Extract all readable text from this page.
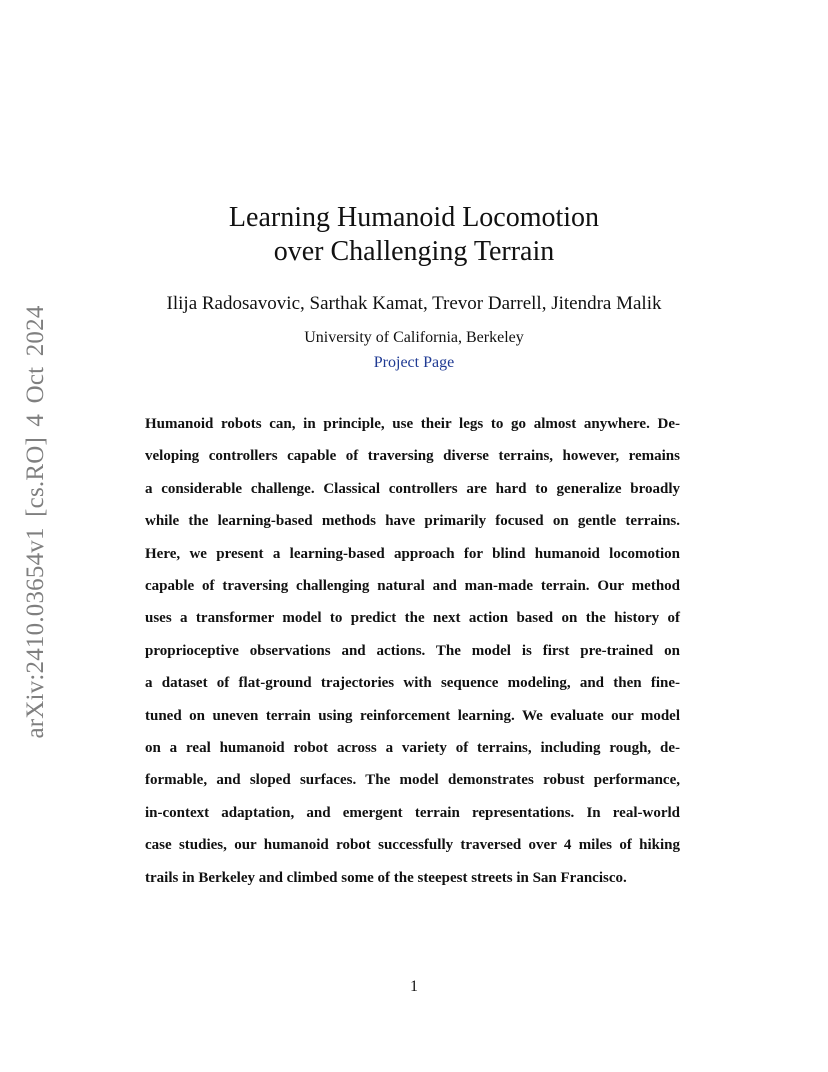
arXiv:2410.03654v1 [cs.RO] 4 Oct 2024
Learning Humanoid Locomotion
over Challenging Terrain
Ilija Radosavovic, Sarthak Kamat, Trevor Darrell, Jitendra Malik
University of California, Berkeley
Project Page

Humanoid robots can, in principle, use their legs to go almost anywhere. De-
veloping controllers capable of traversing diverse terrains, however, remains
a considerable challenge. Classical controllers are hard to generalize broadly
while the learning-based methods have primarily focused on gentle terrains.
Here, we present a learning-based approach for blind humanoid locomotion
capable of traversing challenging natural and man-made terrain. Our method
uses a transformer model to predict the next action based on the history of
proprioceptive observations and actions. The model is first pre-trained on
a dataset of flat-ground trajectories with sequence modeling, and then fine-
tuned on uneven terrain using reinforcement learning. We evaluate our model
on a real humanoid robot across a variety of terrains, including rough, de-
formable, and sloped surfaces. The model demonstrates robust performance,
in-context adaptation, and emergent terrain representations. In real-world
case studies, our humanoid robot successfully traversed over 4 miles of hiking
trails in Berkeley and climbed some of the steepest streets in San Francisco.

1
